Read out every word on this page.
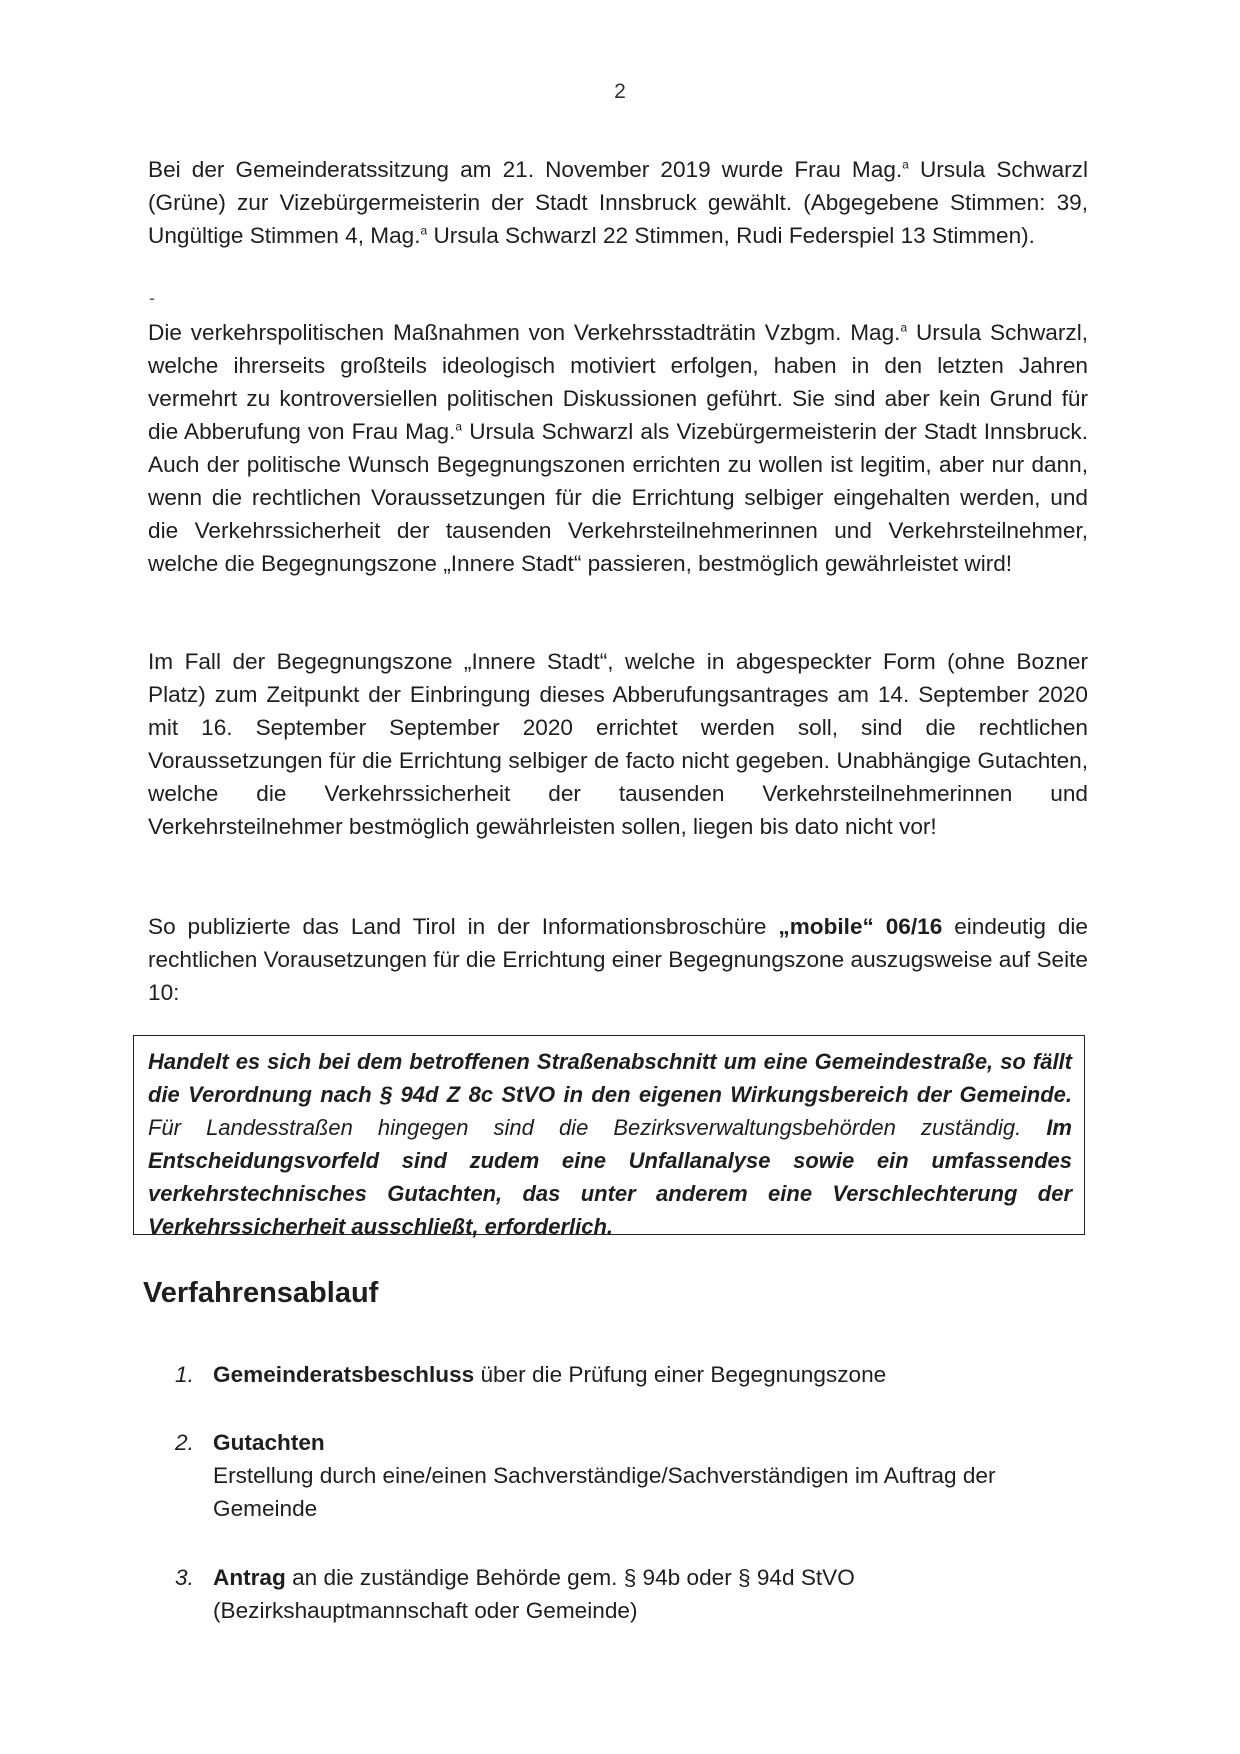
2

Bei der Gemeinderatssitzung am 21. November 2019 wurde Frau Mag.$^a$ Ursula Schwarzl (Grüne) zur Vizebürgermeisterin der Stadt Innsbruck gewählt. (Abgegebene Stimmen: 39, Ungültige Stimmen 4, Mag.$^a$ Ursula Schwarzl 22 Stimmen, Rudi Federspiel 13 Stimmen).

-

Die verkehrspolitischen Maßnahmen von Verkehrsstadträtin Vzbgm. Mag.$^a$ Ursula Schwarzl, welche ihrerseits großteils ideologisch motiviert erfolgen, haben in den letzten Jahren vermehrt zu kontroversiellen politischen Diskussionen geführt. Sie sind aber kein Grund für die Abberufung von Frau Mag.$^a$ Ursula Schwarzl als Vizebürgermeisterin der Stadt Innsbruck. Auch der politische Wunsch Begegnungszonen errichten zu wollen ist legitim, aber nur dann, wenn die rechtlichen Voraussetzungen für die Errichtung selbiger eingehalten werden, und die Verkehrssicherheit der tausenden Verkehrsteilnehmerinnen und Verkehrsteilnehmer, welche die Begegnungszone „Innere Stadt“ passieren, bestmöglich gewährleistet wird!

Im Fall der Begegnungszone „Innere Stadt“, welche in abgespeckter Form (ohne Bozner Platz) zum Zeitpunkt der Einbringung dieses Abberufungsantrages am 14. September 2020 mit 16. September September 2020 errichtet werden soll, sind die rechtlichen Voraussetzungen für die Errichtung selbiger de facto nicht gegeben. Unabhängige Gutachten, welche die Verkehrssicherheit der tausenden Verkehrsteilnehmerinnen und Verkehrsteilnehmer bestmöglich gewährleisten sollen, liegen bis dato nicht vor!

So publizierte das Land Tirol in der Informationsbroschüre „mobile“ 06/16 eindeutig die rechtlichen Vorausetzungen für die Errichtung einer Begegnungszone auszugsweise auf Seite 10:

Handelt es sich bei dem betroffenen Straßenabschnitt um eine Gemeindestraße, so fällt die Verordnung nach § 94d Z 8c StVO in den eigenen Wirkungsbereich der Gemeinde. Für Landesstraßen hingegen sind die Bezirksverwaltungsbehörden zuständig. Im Entscheidungsvorfeld sind zudem eine Unfallanalyse sowie ein umfassendes verkehrstechnisches Gutachten, das unter anderem eine Verschlechterung der Verkehrssicherheit ausschließt, erforderlich.
Verfahrensablauf
1. Gemeinderatsbeschluss über die Prüfung einer Begegnungszone
2. Gutachten
Erstellung durch eine/einen Sachverständige/Sachverständigen im Auftrag der Gemeinde
3. Antrag an die zuständige Behörde gem. § 94b oder § 94d StVO
(Bezirkshauptmannschaft oder Gemeinde)
